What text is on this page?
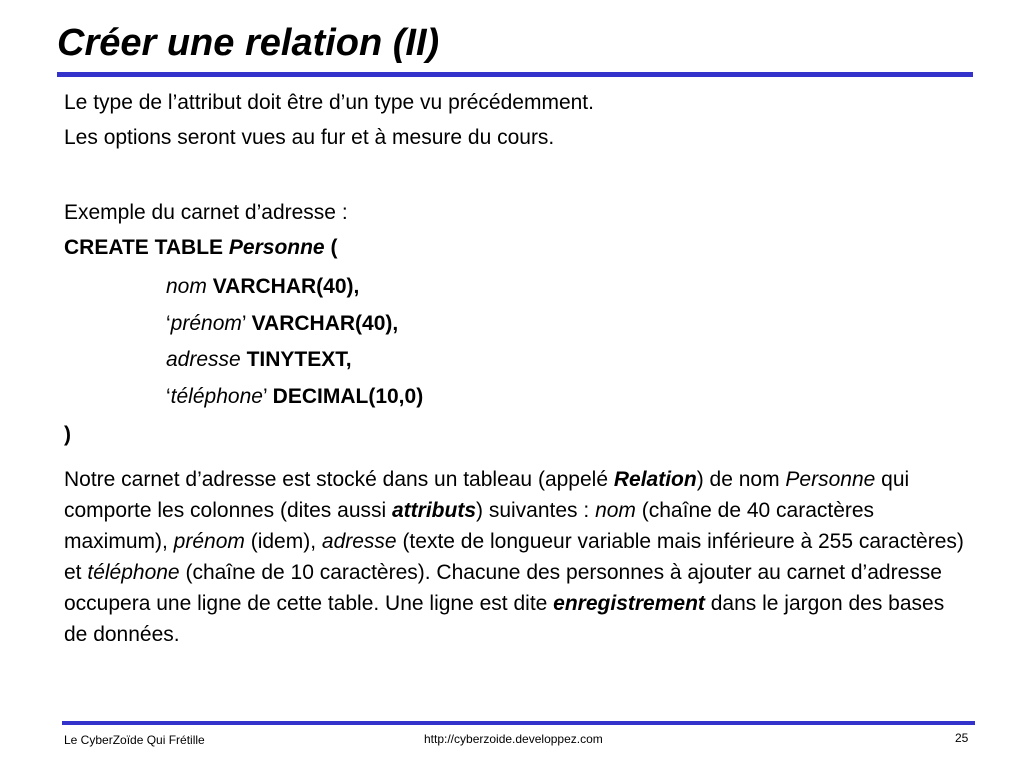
Créer une relation (II)

Le type de l’attribut doit être d’un type vu précédemment.

Les options seront vues au fur et à mesure du cours.

Exemple du carnet d’adresse :

CREATE TABLE Personne (

nom VARCHAR(40),

‘prénom’ VARCHAR(40),

adresse TINYTEXT,

‘téléphone’ DECIMAL(10,0)

)

Notre carnet d’adresse est stocké dans un tableau (appelé Relation) de nom Personne qui comporte les colonnes (dites aussi attributs) suivantes : nom (chaîne de 40 caractères maximum), prénom (idem), adresse (texte de longueur variable mais inférieure à 255 caractères) et téléphone (chaîne de 10 caractères). Chacune des personnes à ajouter au carnet d’adresse occupera une ligne de cette table. Une ligne est dite enregistrement dans le jargon des bases de données.

Le CyberZoïde Qui Frétille	http://cyberzoide.developpez.com	25
